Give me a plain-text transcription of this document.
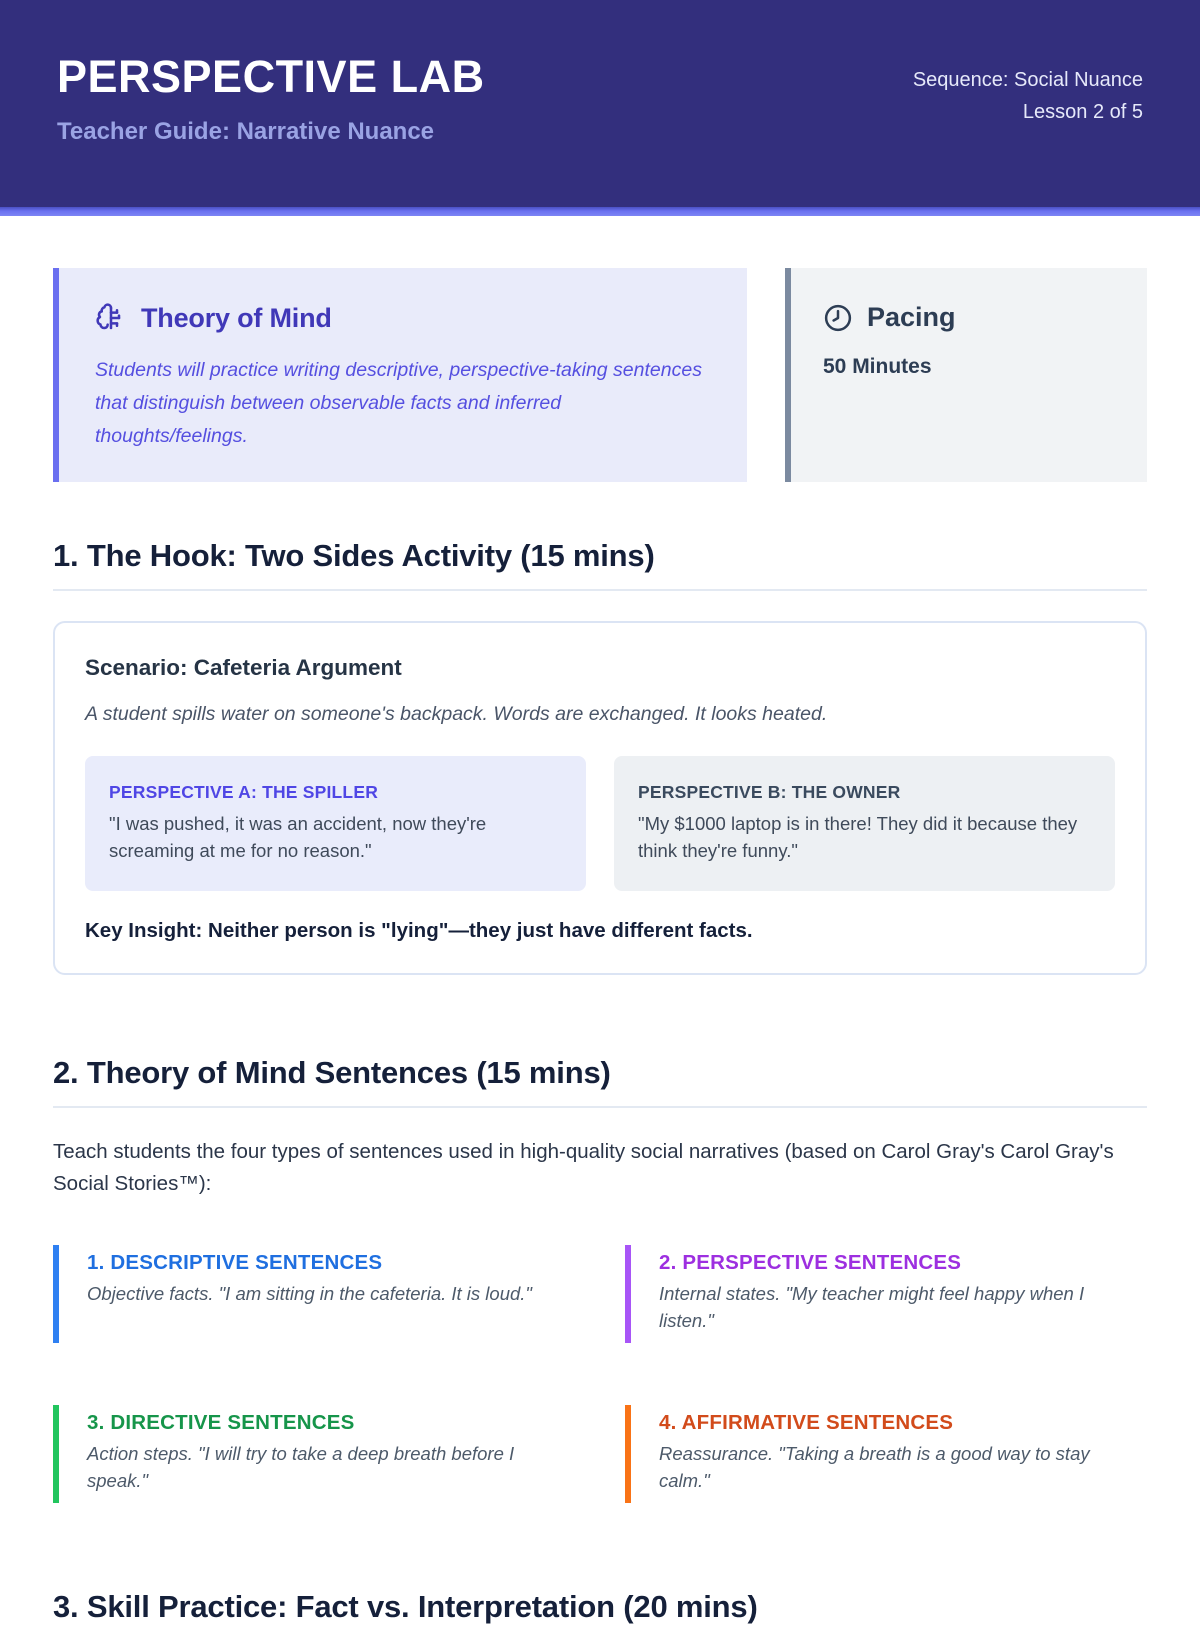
PERSPECTIVE LAB
Teacher Guide: Narrative Nuance
Sequence: Social Nuance
Lesson 2 of 5
Theory of Mind

Students will practice writing descriptive, perspective-taking sentences that distinguish between observable facts and inferred thoughts/feelings.

Pacing

50 Minutes

1. The Hook: Two Sides Activity (15 mins)
Scenario: Cafeteria Argument

A student spills water on someone's backpack. Words are exchanged. It looks heated.

PERSPECTIVE A: THE SPILLER

"I was pushed, it was an accident, now they're screaming at me for no reason."

PERSPECTIVE B: THE OWNER

"My $1000 laptop is in there! They did it because they think they're funny."

Key Insight: Neither person is "lying"—they just have different facts.

2. Theory of Mind Sentences (15 mins)

Teach students the four types of sentences used in high-quality social narratives (based on Carol Gray's Carol Gray's Social Stories™):

1. DESCRIPTIVE SENTENCES

Objective facts. "I am sitting in the cafeteria. It is loud."

2. PERSPECTIVE SENTENCES

Internal states. "My teacher might feel happy when I listen."

3. DIRECTIVE SENTENCES

Action steps. "I will try to take a deep breath before I speak."

4. AFFIRMATIVE SENTENCES

Reassurance. "Taking a breath is a good way to stay calm."

3. Skill Practice: Fact vs. Interpretation (20 mins)
